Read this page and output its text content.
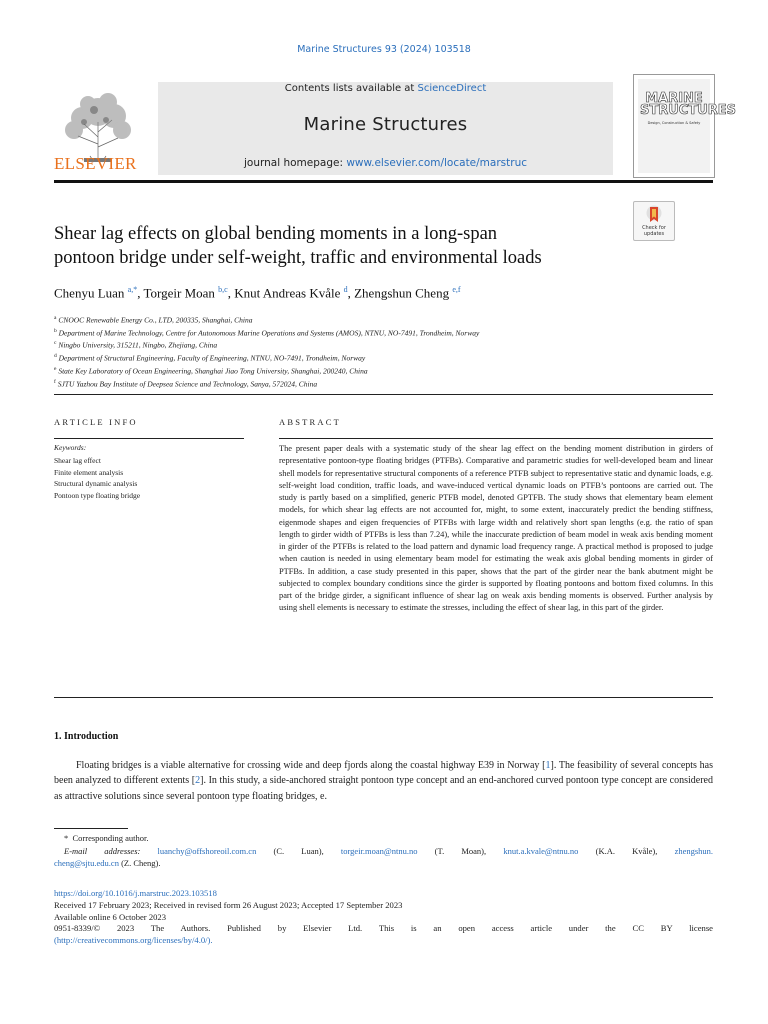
Marine Structures 93 (2024) 103518
ELSEVIER
Contents lists available at ScienceDirect
Marine Structures
journal homepage: www.elsevier.com/locate/marstruc
MARINE
STRUCTURES
Design, Construction & Safety
Shear lag effects on global bending moments in a long-span
pontoon bridge under self-weight, traffic and environmental loads
Check for
updates
Chenyu Luan $^{a,*}$, Torgeir Moan $^{b,c}$, Knut Andreas Kvåle $^d$, Zhengshun Cheng $^{e,f}$
$^a$ CNOOC Renewable Energy Co., LTD, 200335, Shanghai, China
$^b$ Department of Marine Technology, Centre for Autonomous Marine Operations and Systems (AMOS), NTNU, NO-7491, Trondheim, Norway
$^c$ Ningbo University, 315211, Ningbo, Zhejiang, China
$^d$ Department of Structural Engineering, Faculty of Engineering, NTNU, NO-7491, Trondheim, Norway
$^e$ State Key Laboratory of Ocean Engineering, Shanghai Jiao Tong University, Shanghai, 200240, China
$^f$ SJTU Yazhou Bay Institute of Deepsea Science and Technology, Sanya, 572024, China
ARTICLE INFO	ABSTRACT
Keywords:
Shear lag effect
Finite element analysis
Structural dynamic analysis
Pontoon type floating bridge
The present paper deals with a systematic study of the shear lag effect on the bending moment distribution in girders of representative pontoon-type floating bridges (PTFBs). Comparative and parametric studies for well-developed beam and linear shell models for representative structural components of a reference PTFB subject to representative static and dynamic loads, e.g. self-weight load condition, traffic loads, and wave-induced vertical dynamic loads on PTFB’s pontoons are carried out. The study is partly based on a simplified, generic PTFB model, denoted GPTFB. The study shows that elementary beam element models, for which shear lag effects are not accounted for, might, to some extent, inaccurately predict the bending stiffness, eigenmode shapes and eigen frequencies of PTFBs with large width and relatively short span lengths (e.g. the ratio of span length to girder width of PTFBs is less than 7.24), while the inaccurate prediction of beam model in weak axis bending moment in girder of the PTFBs is related to the load pattern and dynamic load frequency range. A practical method is proposed to judge when caution is needed in using elementary beam model for estimating the weak axis global bending moments in girder of PTFBs. In addition, a case study presented in this paper, shows that the part of the girder near the bank abutment might be subjected to complex boundary conditions since the girder is supported by floating pontoons and bottom fixed columns. In this part of the bridge girder, a significant influence of shear lag on weak axis bending moments is observed. Further analysis by using shell elements is necessary to estimate the stresses, including the effect of shear lag, in this part of the girder.
1. Introduction
Floating bridges is a viable alternative for crossing wide and deep fjords along the coastal highway E39 in Norway [1]. The feasibility of several concepts has been analyzed to different extents [2]. In this study, a side-anchored straight pontoon type concept and an end-anchored curved pontoon type concept are considered as attractive solutions since several pontoon type floating bridges, e.
*  Corresponding author.
E-mail addresses: luanchy@offshoreoil.com.cn (C. Luan), torgeir.moan@ntnu.no (T. Moan), knut.a.kvale@ntnu.no (K.A. Kvåle), zhengshun.
cheng@sjtu.edu.cn (Z. Cheng).
https://doi.org/10.1016/j.marstruc.2023.103518
Received 17 February 2023; Received in revised form 26 August 2023; Accepted 17 September 2023
Available online 6 October 2023
0951-8339/© 2023 The Authors. Published by Elsevier Ltd. This is an open access article under the CC BY license
(http://creativecommons.org/licenses/by/4.0/).
